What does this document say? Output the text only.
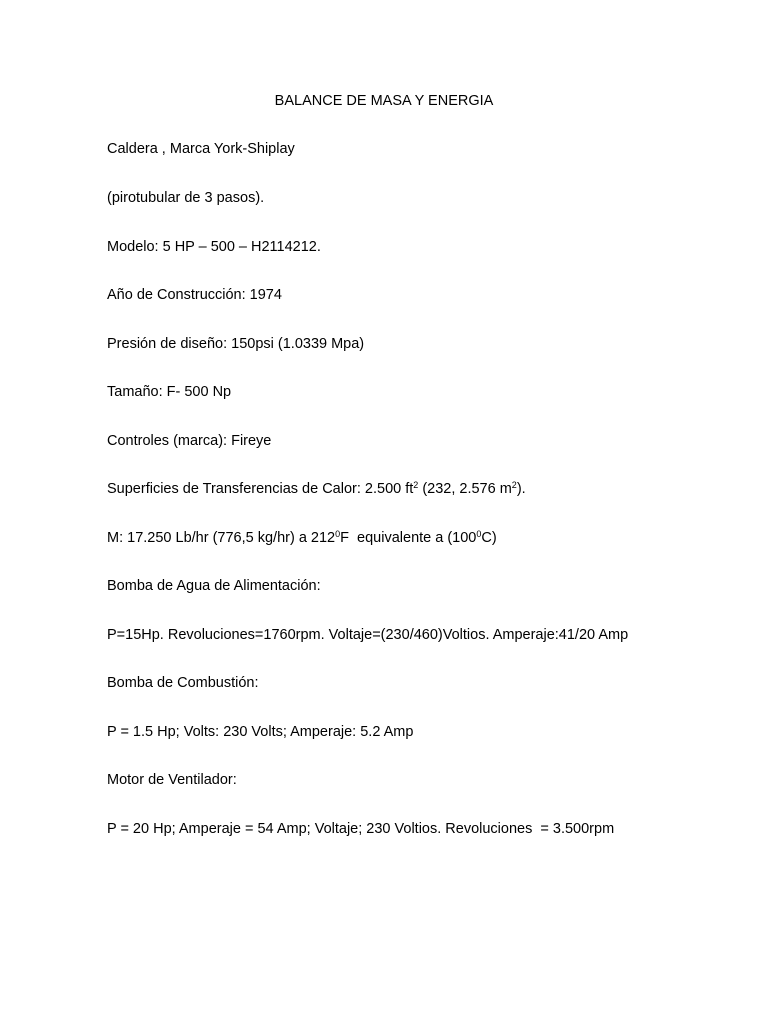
BALANCE DE MASA Y ENERGIA
Caldera , Marca York-Shiplay
(pirotubular de 3 pasos).
Modelo: 5 HP – 500 – H2114212.
Año de Construcción: 1974
Presión de diseño: 150psi (1.0339 Mpa)
Tamaño: F- 500 Np
Controles (marca): Fireye
Superficies de Transferencias de Calor: 2.500 $ft^2$ (232, 2.576 $m^2$).
M: 17.250 Lb/hr (776,5 kg/hr) a $212^0F$  equivalente a $(100^0C)$
Bomba de Agua de Alimentación:
P=15Hp. Revoluciones=1760rpm. Voltaje=(230/460)Voltios. Amperaje:41/20 Amp
Bomba de Combustión:
P = 1.5 Hp; Volts: 230 Volts; Amperaje: 5.2 Amp
Motor de Ventilador:
P = 20 Hp; Amperaje = 54 Amp; Voltaje; 230 Voltios. Revoluciones  = 3.500rpm
